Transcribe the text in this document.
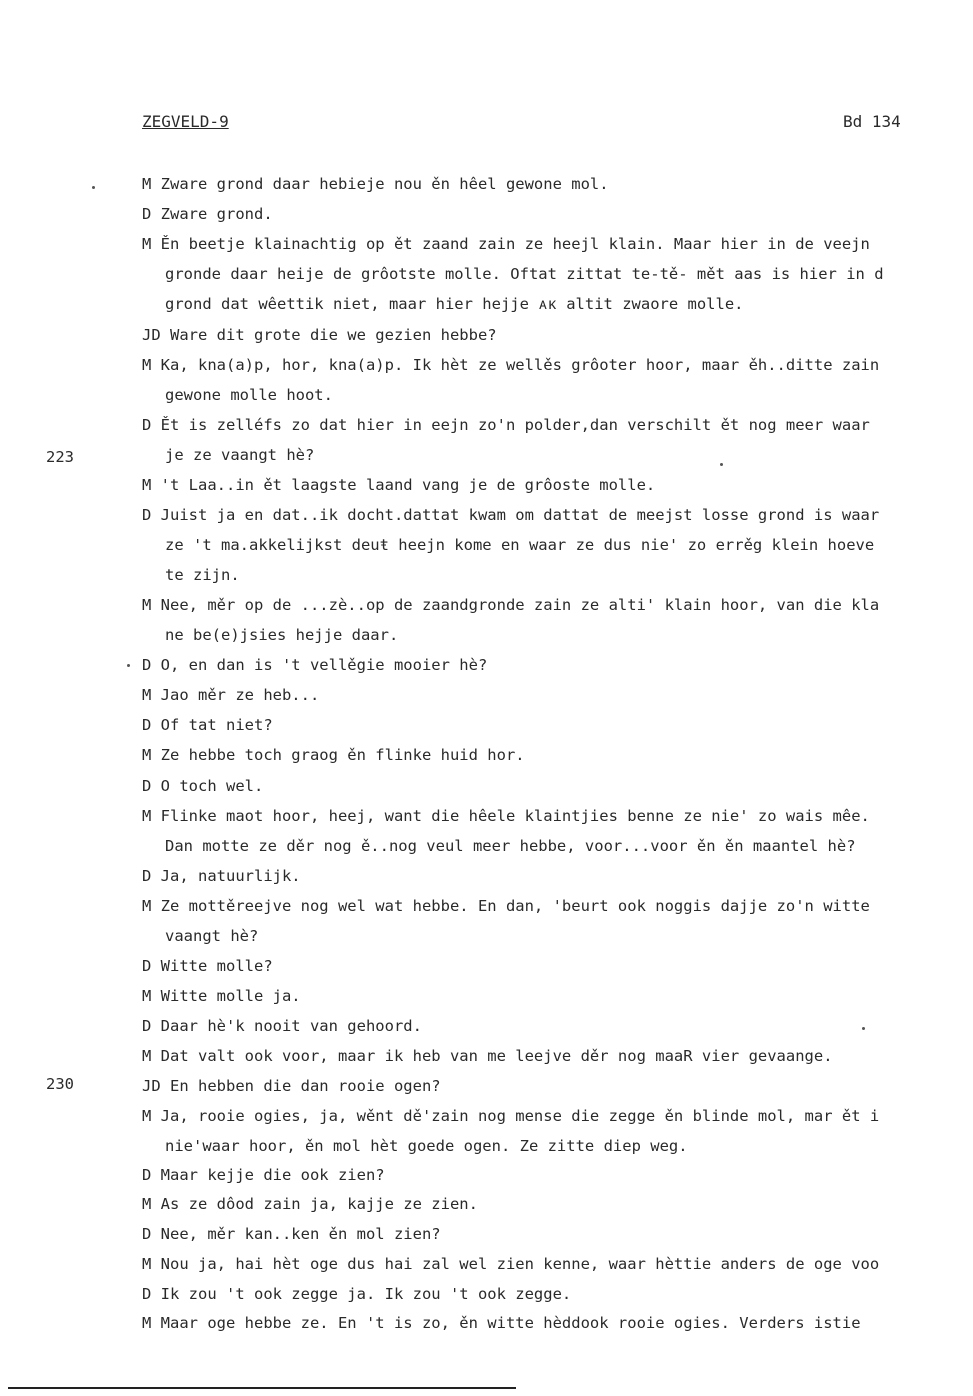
ZEGVELD-9	Bd 134
223
230
M Zware grond daar hebieje nou ěn hêel gewone mol.
D Zware grond.
M Ěn beetje klainachtig op ět zaand zain ze heejl klain. Maar hier in de veejn
gronde daar heije de grôotste molle. Oftat zittat te-tě- mět aas is hier in d
grond dat wêettik niet, maar hier hejje ᴀᴋ altit zwaore molle.
JD Ware dit grote die we gezien hebbe?
M Ka, kna(a)p, hor, kna(a)p. Ik hèt ze wellěs grôoter hoor, maar ěh..ditte zain
gewone molle hoot.
D Ět is zelléfs zo dat hier in eejn zo'n polder,dan verschilt ět nog meer waar
je ze vaangt hè?
M 't Laa..in ět laagste laand vang je de grôoste molle.
D Juist ja en dat..ik docht.dattat kwam om dattat de meejst losse grond is waar
ze 't ma.akkelijkst deuŧ heejn kome en waar ze dus nie' zo errěg klein hoeve
te zijn.
M Nee, měr op de ...zè..op de zaandgronde zain ze alti' klain hoor, van die kla
ne be(e)jsies hejje daar.
D O, en dan is 't vellěgie mooier hè?
M Jao měr ze heb...
D Of tat niet?
M Ze hebbe toch graog ěn flinke huid hor.
D O toch wel.
M Flinke maot hoor, heej, want die hêele klaintjies benne ze nie' zo wais mêe.
Dan motte ze děr nog ě..nog veul meer hebbe, voor...voor ěn ěn maantel hè?
D Ja, natuurlijk.
M Ze mottěreejve nog wel wat hebbe. En dan, 'beurt ook noggis dajje zo'n witte
vaangt hè?
D Witte molle?
M Witte molle ja.
D Daar hè'k nooit van gehoord.
M Dat valt ook voor, maar ik heb van me leejve děr nog maaR vier gevaange.
JD En hebben die dan rooie ogen?
M Ja, rooie ogies, ja, wěnt dě'zain nog mense die zegge ěn blinde mol, mar ět i
nie'waar hoor, ěn mol hèt goede ogen. Ze zitte diep weg.
D Maar kejje die ook zien?
M As ze dôod zain ja, kajje ze zien.
D Nee, měr kan..ken ěn mol zien?
M Nou ja, hai hèt oge dus hai zal wel zien kenne, waar hèttie anders de oge voo
D Ik zou 't ook zegge ja. Ik zou 't ook zegge.
M Maar oge hebbe ze. En 't is zo, ěn witte hèddook rooie ogies. Verders istie
